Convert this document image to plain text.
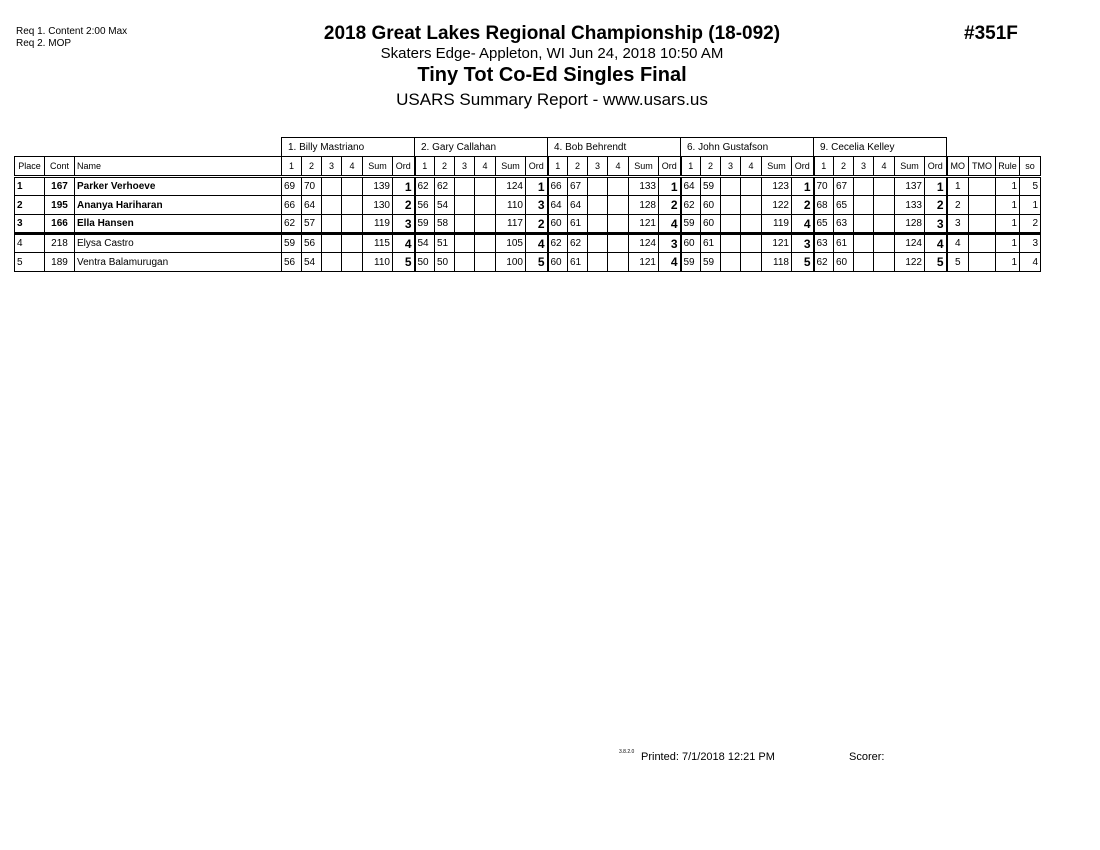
Req 1. Content 2:00 Max
Req 2. MOP	2018 Great Lakes Regional Championship (18-092)
Skaters Edge- Appleton, WI Jun 24, 2018 10:50 AM
Tiny Tot Co-Ed Singles Final
USARS Summary Report - www.usars.us
#351F
			1. Billy Mastriano						2. Gary Callahan						4. Bob Behrendt						6. John Gustafson						9. Cecelia Kelley									
Place	Cont	Name	1	2	3	4	Sum	Ord	1	2	3	4	Sum	Ord	1	2	3	4	Sum	Ord	1	2	3	4	Sum	Ord	1	2	3	4	Sum	Ord	MO	TMO	Rule	so
1	167	Parker Verhoeve	69	70			139	1	62	62			124	1	66	67			133	1	64	59			123	1	70	67			137	1	1		1	5
2	195	Ananya Hariharan	66	64			130	2	56	54			110	3	64	64			128	2	62	60			122	2	68	65			133	2	2		1	1
3	166	Ella Hansen	62	57			119	3	59	58			117	2	60	61			121	4	59	60			119	4	65	63			128	3	3		1	2
4	218	Elysa Castro	59	56			115	4	54	51			105	4	62	62			124	3	60	61			121	3	63	61			124	4	4		1	3
5	189	Ventra Balamurugan	56	54			110	5	50	50			100	5	60	61			121	4	59	59			118	5	62	60			122	5	5		1	4
3.8.2.0 Printed: 7/1/2018 12:21 PM	Scorer:
